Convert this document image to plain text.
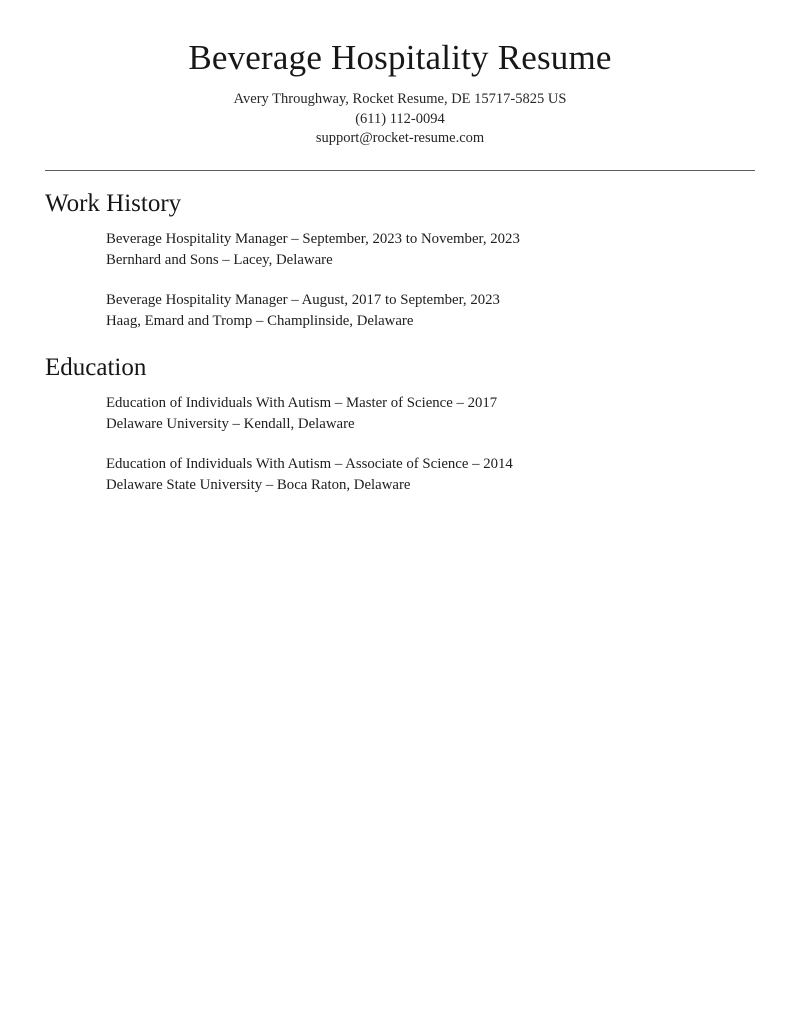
Beverage Hospitality Resume

Avery Throughway, Rocket Resume, DE 15717-5825 US

(611) 112-0094

support@rocket-resume.com

Work History
Beverage Hospitality Manager – September, 2023 to November, 2023
Bernhard and Sons – Lacey, Delaware
Beverage Hospitality Manager – August, 2017 to September, 2023
Haag, Emard and Tromp – Champlinside, Delaware
Education
Education of Individuals With Autism – Master of Science – 2017
Delaware University – Kendall, Delaware
Education of Individuals With Autism – Associate of Science – 2014
Delaware State University – Boca Raton, Delaware
